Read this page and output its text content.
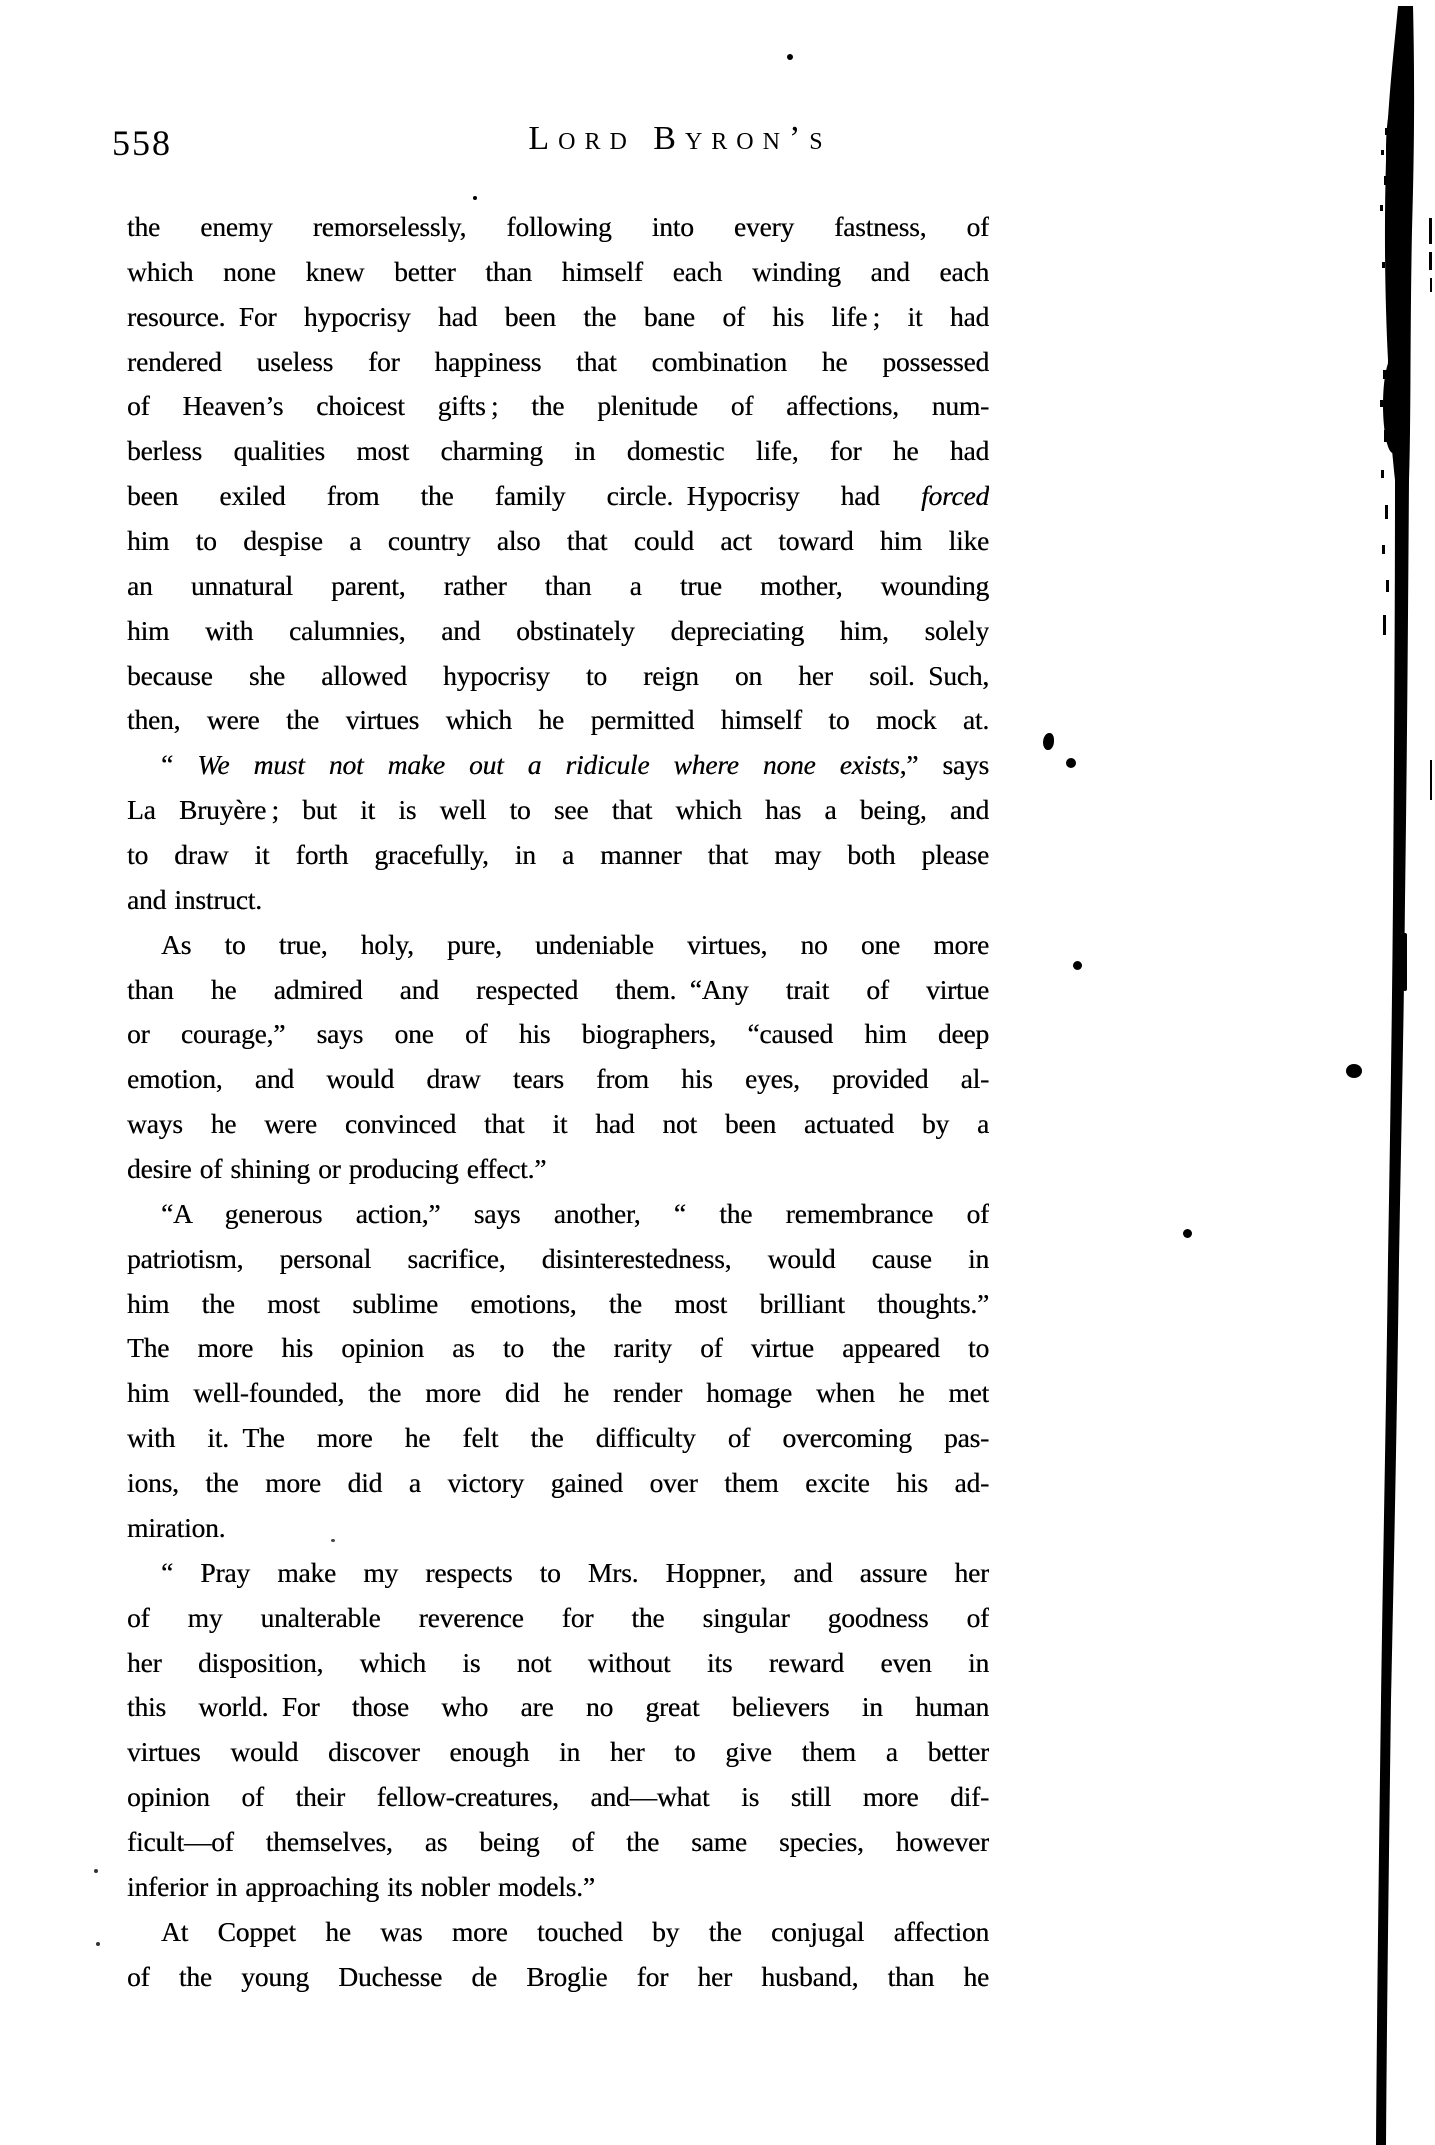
558	Lord Byron’s
the enemy remorselessly, following into every fastness, of
which none knew better than himself each winding and each
resource. For hypocrisy had been the bane of his life ; it had
rendered useless for happiness that combination he possessed
of Heaven’s choicest gifts ; the plenitude of affections, num-
berless qualities most charming in domestic life, for he had
been exiled from the family circle. Hypocrisy had forced
him to despise a country also that could act toward him like
an unnatural parent, rather than a true mother, wounding
him with calumnies, and obstinately depreciating him, solely
because she allowed hypocrisy to reign on her soil. Such,
then, were the virtues which he permitted himself to mock at.
“ We must not make out a ridicule where none exists,” says
La Bruyère ; but it is well to see that which has a being, and
to draw it forth gracefully, in a manner that may both please
and instruct.
As to true, holy, pure, undeniable virtues, no one more
than he admired and respected them. “Any trait of virtue
or courage,” says one of his biographers, “caused him deep
emotion, and would draw tears from his eyes, provided al-
ways he were convinced that it had not been actuated by a
desire of shining or producing effect.”
“A generous action,” says another, “ the remembrance of
patriotism, personal sacrifice, disinterestedness, would cause in
him the most sublime emotions, the most brilliant thoughts.”
The more his opinion as to the rarity of virtue appeared to
him well-founded, the more did he render homage when he met
with it. The more he felt the difficulty of overcoming pas-
ions, the more did a victory gained over them excite his ad-
miration.
“ Pray make my respects to Mrs. Hoppner, and assure her
of my unalterable reverence for the singular goodness of
her disposition, which is not without its reward even in
this world. For those who are no great believers in human
virtues would discover enough in her to give them a better
opinion of their fellow-creatures, and—what is still more dif-
ficult—of themselves, as being of the same species, however
inferior in approaching its nobler models.”
At Coppet he was more touched by the conjugal affection
of the young Duchesse de Broglie for her husband, than he
